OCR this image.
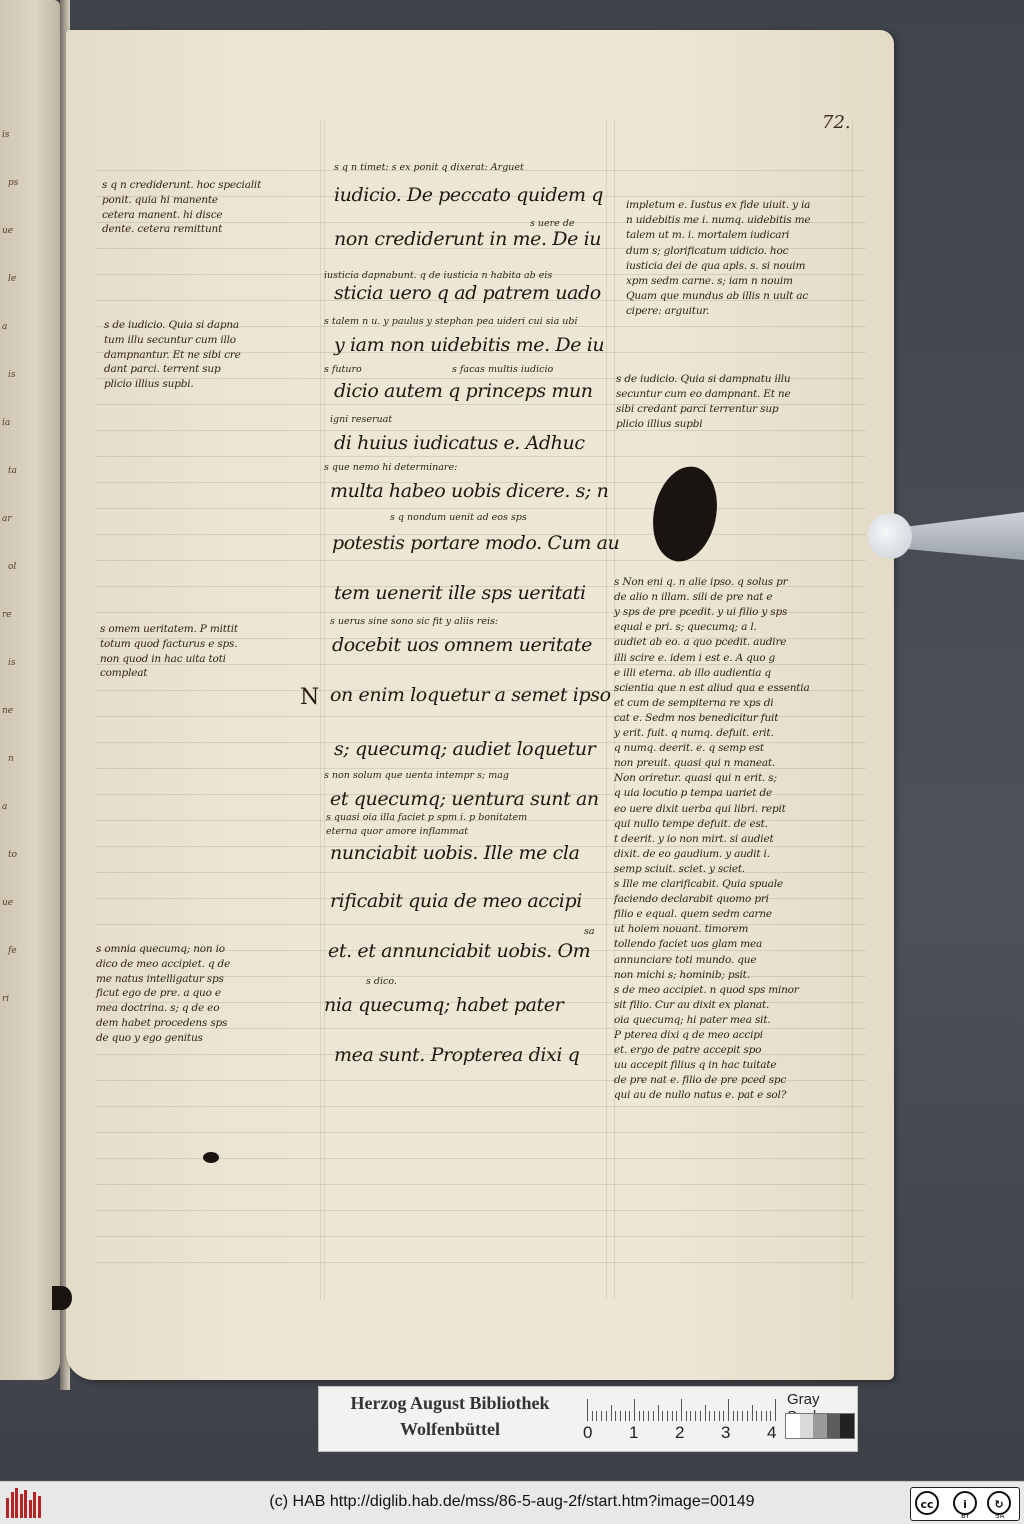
is
ps
ue
le
a
is
ia
ta
ar
ol
re
is
ne
n
a
to
ue
fe
ri
72.
N
iudicio. De peccato quidem q
non crediderunt in me. De iu
sticia uero q ad patrem uado
y iam non uidebitis me. De iu
dicio autem q princeps mun
di huius iudicatus e. Adhuc
multa habeo uobis dicere. s; n
potestis portare modo. Cum au
tem uenerit ille sps ueritati
docebit uos omnem ueritate
on enim loquetur a semet ipso
s; quecumq; audiet loquetur
et quecumq; uentura sunt an
nunciabit uobis. Ille me cla
rificabit quia de meo accipi
et. et annunciabit uobis. Om
nia quecumq; habet pater
mea sunt. Propterea dixi q
s q n timet: s ex ponit q dixerat: Arguet
s uere de
iusticia dapnabunt. q de iusticia n habita ab eis
s talem n u. y paulus y stephan pea uideri cui sia ubi
s futuro	s facas multis iudicio
igni reseruat
s que nemo hi determinare:
s q nondum uenit ad eos sps
s uerus sine sono sic fit y aliis reis:
s non solum que uenta intempr s; mag
s quasi oia illa faciet p spm i. p bonitatem
eterna quor amore inflammat
sa
s dico.
s q n crediderunt. hoc specialit
ponit. quia hi manente
cetera manent. hi disce
dente. cetera remittunt
s de iudicio. Quia si dapna
tum illu secuntur cum illo
dampnantur. Et ne sibi cre
dant parci. terrent sup
plicio illius supbi.
s omem ueritatem. P mittit
totum quod facturus e sps.
non quod in hac uita toti
compleat
s omnia quecumq; non io
dico de meo accipiet. q de
me natus intelligatur sps
ficut ego de pre. a quo e
mea doctrina. s; q de eo
dem habet procedens sps
de quo y ego genitus
impletum e. Iustus ex fide uiuit. y ia
n uidebitis me i. numq. uidebitis me
talem ut m. i. mortalem iudicari
dum s; glorificatum uidicio. hoc
iusticia dei de qua apls. s. si nouim
xpm sedm carne. s; iam n nouim
Quam que mundus ab illis n uult ac
cipere: arguitur.
s de iudicio. Quia si dampnatu illu
secuntur cum eo dampnant. Et ne
sibi credant parci terrentur sup
plicio illius supbi
s Non eni q. n alie ipso. q solus pr
de alio n illam. sili de pre nat e
y sps de pre pcedit. y ui filio y sps
equal e pri. s; quecumq; a l.
audiet ab eo. a quo pcedit. audire
illi scire e. idem i est e. A quo g
e illi eterna. ab illo audientia q
scientia que n est aliud qua e essentia
et cum de sempiterna re xps di
cat e. Sedm nos benedicitur fuit
y erit. fuit. q numq. defuit. erit.
q numq. deerit. e. q semp est
non preuit. quasi qui n maneat.
Non oriretur. quasi qui n erit. s;
q uia locutio p tempa uariet de
eo uere dixit uerba qui libri. repit
qui nullo tempe defuit. de est.
t deerit. y io non mirt. si audiet
dixit. de eo gaudium. y audit i.
semp sciuit. sciet. y sciet.
s Ille me clarificabit. Quia spuale
faciendo declarabit quomo pri
filio e equal. quem sedm carne
ut hoiem nouant. timorem
tollendo faciet uos glam mea
annunciare toti mundo. que
non michi s; hominib; psit.
s de meo accipiet. n quod sps minor
sit filio. Cur au dixit ex planat.
oia quecumq; hi pater mea sit.
P pterea dixi q de meo accipi
et. ergo de patre accepit spo
uu accepit filius q in hac tuitate
de pre nat e. filio de pre pced spc
qui au de nullo natus e. pat e sol?
Herzog August Bibliothek
Wolfenbüttel	0 1 2 3 4
Gray
(c) HAB http://diglib.hab.de/mss/86-5-aug-2f/start.htm?image=00149	cc	i	↻
BY	SA
